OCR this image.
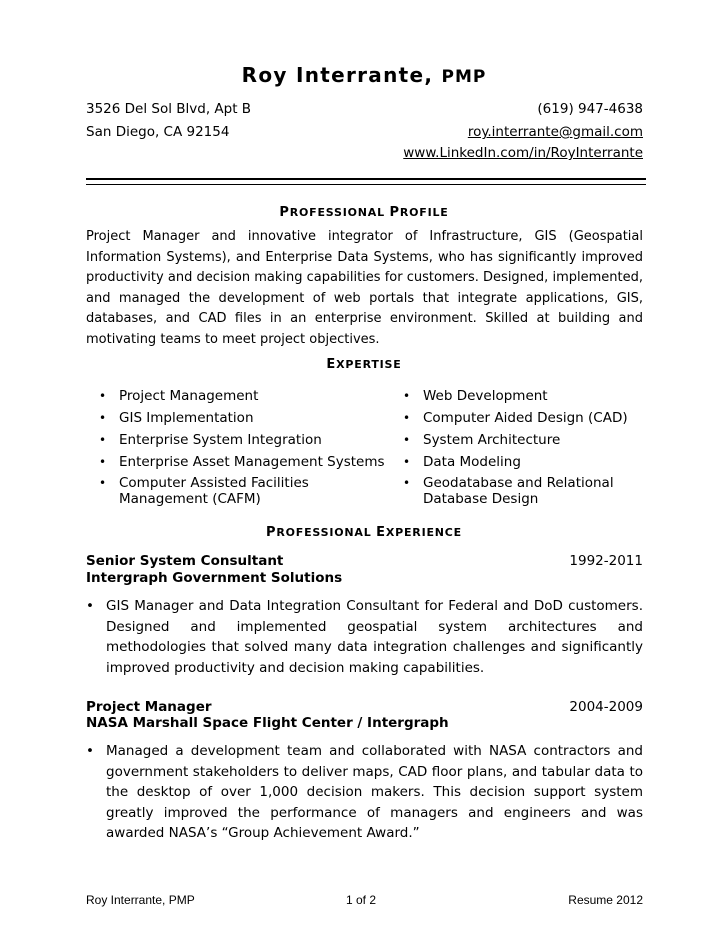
Roy Interrante, PMP
3526 Del Sol Blvd, Apt B
San Diego, CA 92154
(619) 947-4638
roy.interrante@gmail.com
www.LinkedIn.com/in/RoyInterrante
PROFESSIONAL PROFILE
Project Manager and innovative integrator of Infrastructure, GIS (Geospatial Information Systems), and Enterprise Data Systems, who has significantly improved productivity and decision making capabilities for customers. Designed, implemented, and managed the development of web portals that integrate applications, GIS, databases, and CAD files in an enterprise environment. Skilled at building and motivating teams to meet project objectives.
EXPERTISE
• Project Management
• GIS Implementation
• Enterprise System Integration
• Enterprise Asset Management Systems
• Computer Assisted Facilities
Management (CAFM)
• Web Development
• Computer Aided Design (CAD)
• System Architecture
• Data Modeling
• Geodatabase and Relational
Database Design
PROFESSIONAL EXPERIENCE
Senior System Consultant	1992-2011
Intergraph Government Solutions
• GIS Manager and Data Integration Consultant for Federal and DoD customers. Designed and implemented geospatial system architectures and methodologies that solved many data integration challenges and significantly improved productivity and decision making capabilities.
Project Manager	2004-2009
NASA Marshall Space Flight Center / Intergraph
• Managed a development team and collaborated with NASA contractors and government stakeholders to deliver maps, CAD floor plans, and tabular data to the desktop of over 1,000 decision makers. This decision support system greatly improved the performance of managers and engineers and was awarded NASA’s “Group Achievement Award.”
Roy Interrante, PMP	1 of 2	Resume 2012
